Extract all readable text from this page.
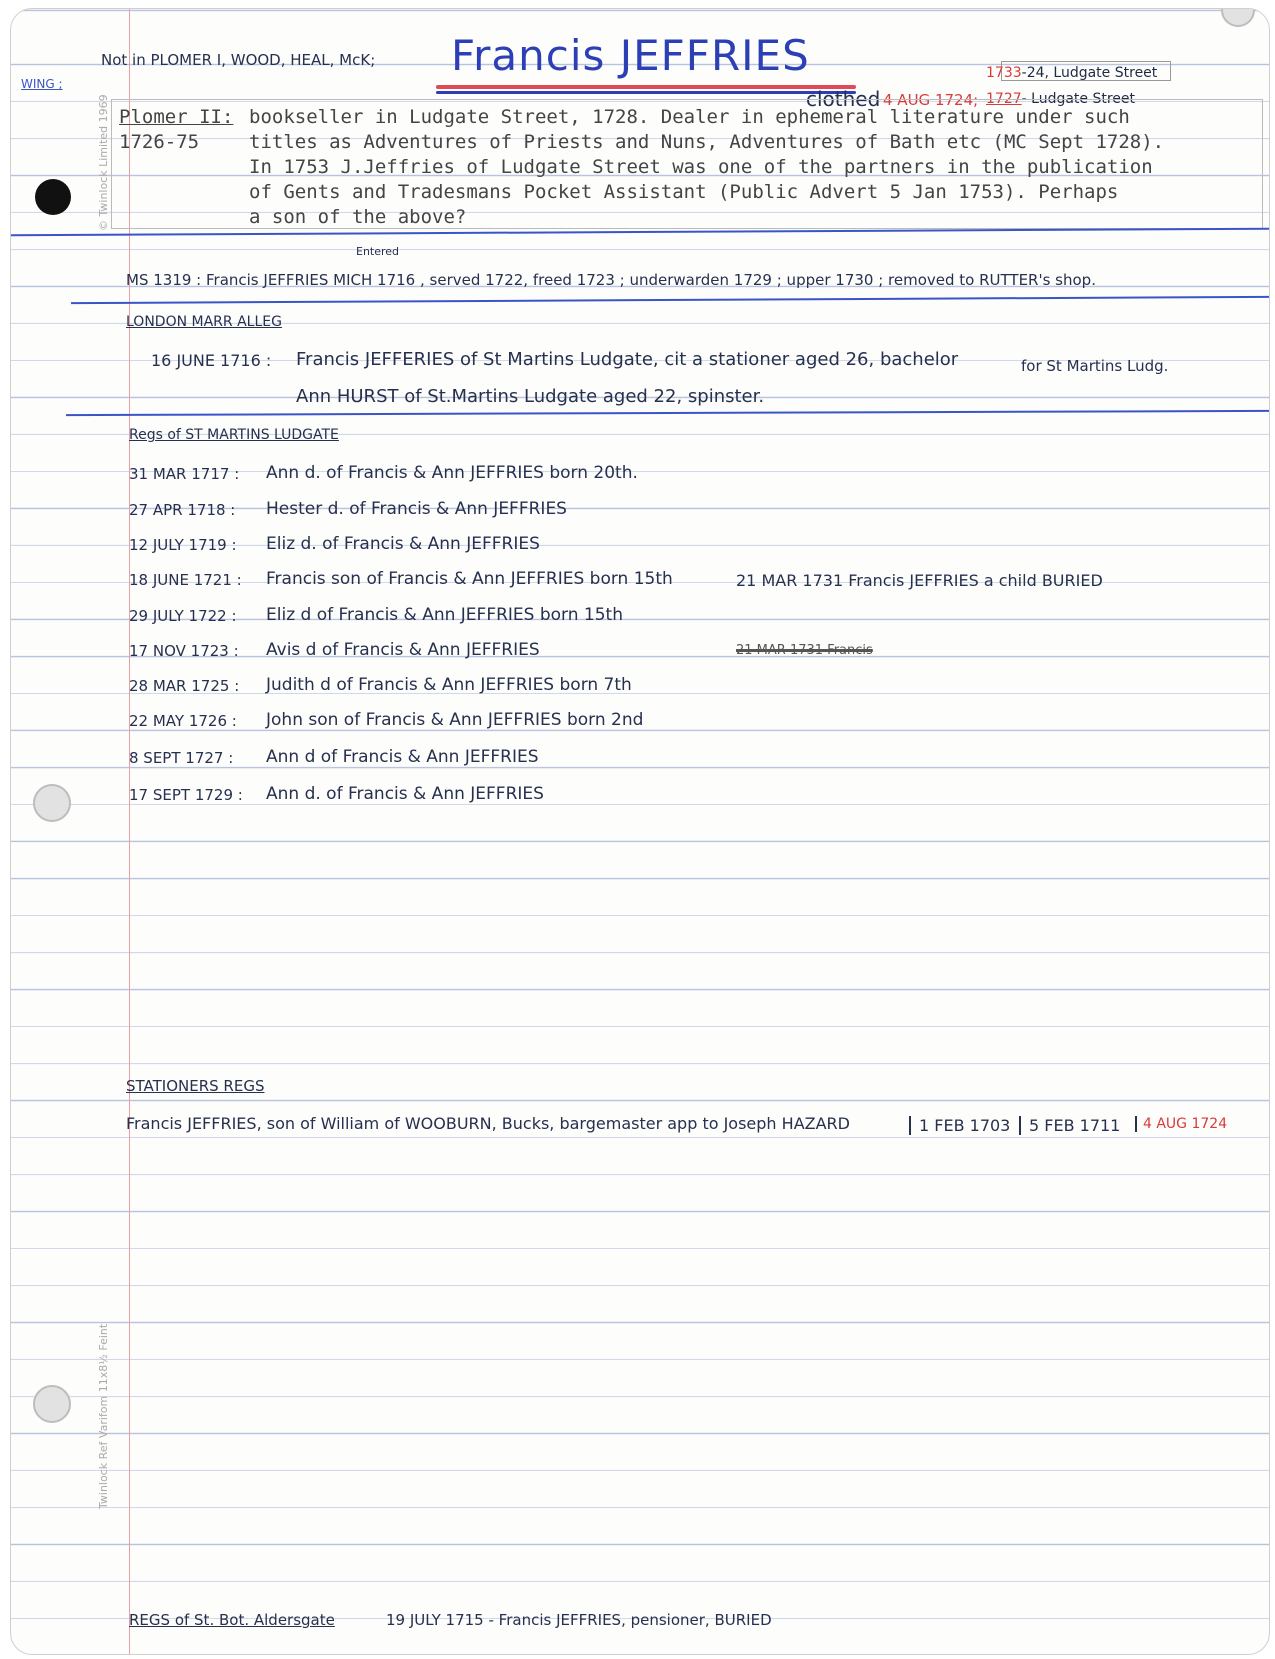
© Twinlock Limited 1969
Twinlock Ref Varifom 11x8½ Feint
Not in PLOMER I, WOOD, HEAL, McK;
WING ;
Francis JEFFRIES	1733-24, Ludgate Street
clothed 4 AUG 1724; 1727- Ludgate Street
Plomer II:
1726-75
bookseller in Ludgate Street, 1728. Dealer in ephemeral literature under such
titles as Adventures of Priests and Nuns, Adventures of Bath etc (MC Sept 1728).
In 1753 J.Jeffries of Ludgate Street was one of the partners in the publication
of Gents and Tradesmans Pocket Assistant (Public Advert 5 Jan 1753). Perhaps
a son of the above?
Entered
MS 1319 : Francis JEFFRIES MICH 1716 , served 1722, freed 1723 ; underwarden 1729 ; upper 1730 ; removed to RUTTER's shop.
LONDON MARR ALLEG
16 JUNE 1716 : Francis JEFFERIES of St Martins Ludgate, cit a stationer aged 26, bachelor	for St Martins Ludg.
Ann HURST of St.Martins Ludgate aged 22, spinster.
Regs of ST MARTINS LUDGATE
31 MAR 1717 : Ann d. of Francis & Ann JEFFRIES born 20th.
27 APR 1718 : Hester d. of Francis & Ann JEFFRIES
12 JULY 1719 : Eliz d. of Francis & Ann JEFFRIES
18 JUNE 1721 : Francis son of Francis & Ann JEFFRIES born 15th	21 MAR 1731 Francis JEFFRIES a child BURIED
29 JULY 1722 : Eliz d of Francis & Ann JEFFRIES born 15th
17 NOV 1723 : Avis d of Francis & Ann JEFFRIES	21 MAR 1731 Francis
28 MAR 1725 : Judith d of Francis & Ann JEFFRIES born 7th
22 MAY 1726 : John son of Francis & Ann JEFFRIES born 2nd
8 SEPT 1727 : Ann d of Francis & Ann JEFFRIES
17 SEPT 1729 : Ann d. of Francis & Ann JEFFRIES
STATIONERS REGS
Francis JEFFRIES, son of William of WOOBURN, Bucks, bargemaster app to Joseph HAZARD	1 FEB 1703	5 FEB 1711	4 AUG 1724
REGS of St. Bot. Aldersgate	19 JULY 1715 - Francis JEFFRIES, pensioner, BURIED
